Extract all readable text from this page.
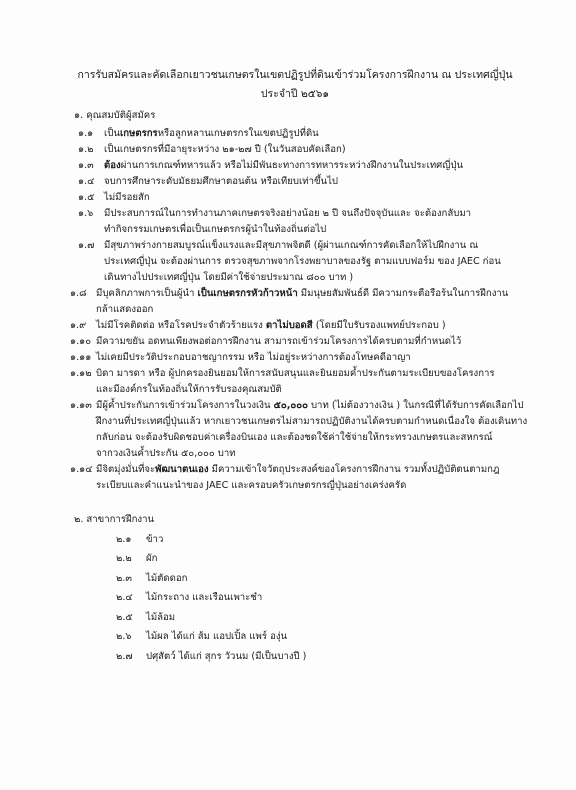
การรับสมัครและคัดเลือกเยาวชนเกษตรในเขตปฏิรูปที่ดินเข้าร่วมโครงการฝึกงาน ณ ประเทศญี่ปุ่น
ประจำปี ๒๕๖๑
๑. คุณสมบัติผู้สมัคร
๑.๑	เป็นเกษตรกรหรือลูกหลานเกษตรกรในเขตปฏิรูปที่ดิน
๑.๒	เป็นเกษตรกรที่มีอายุระหว่าง ๒๑-๒๗ ปี (ในวันสอบคัดเลือก)
๑.๓	ต้องผ่านการเกณฑ์ทหารแล้ว หรือไม่มีพันธะทางการทหารระหว่างฝึกงานในประเทศญี่ปุ่น
๑.๔ จบการศึกษาระดับมัธยมศึกษาตอนต้น หรือเทียบเท่าขึ้นไป
๑.๕ ไม่มีรอยสัก
๑.๖	มีประสบการณ์ในการทำงานภาคเกษตรจริงอย่างน้อย ๒ ปี จนถึงปัจจุบันและ จะต้องกลับมา
ทำกิจกรรมเกษตรเพื่อเป็นเกษตรกรผู้นำในท้องถิ่นต่อไป
๑.๗	มีสุขภาพร่างกายสมบูรณ์แข็งแรงและมีสุขภาพจิตดี (ผู้ผ่านเกณฑ์การคัดเลือกให้ไปฝึกงาน ณ
ประเทศญี่ปุ่น จะต้องผ่านการ ตรวจสุขภาพจากโรงพยาบาลของรัฐ ตามแบบฟอร์ม ของ JAEC ก่อน
เดินทางไปประเทศญี่ปุ่น โดยมีค่าใช้จ่ายประมาณ ๘๐๐ บาท )
๑.๘ มีบุคลิกภาพการเป็นผู้นำ เป็นเกษตรกรหัวก้าวหน้า มีมนุษยสัมพันธ์ดี มีความกระตือรือร้นในการฝึกงาน
กล้าแสดงออก
๑.๙	ไม่มีโรคติดต่อ หรือโรคประจำตัวร้ายแรง ตาไม่บอดสี (โดยมีใบรับรองแพทย์ประกอบ )
๑.๑๐ มีความขยัน อดทนเพียงพอต่อการฝึกงาน สามารถเข้าร่วมโครงการได้ครบตามที่กำหนดไว้
๑.๑๑ ไม่เคยมีประวัติประกอบอาชญากรรม หรือ ไม่อยู่ระหว่างการต้องโทษคดีอาญา
๑.๑๒ บิดา มารดา หรือ ผู้ปกครองยินยอมให้การสนับสนุนและยินยอมค้ำประกันตามระเบียบของโครงการ
และมีองค์กรในท้องถิ่นให้การรับรองคุณสมบัติ
๑.๑๓ มีผู้ค้ำประกันการเข้าร่วมโครงการในวงเงิน ๕๐,๐๐๐ บาท (ไม่ต้องวางเงิน ) ในกรณีที่ได้รับการคัดเลือกไป
ฝึกงานที่ประเทศญี่ปุ่นแล้ว หากเยาวชนเกษตรไม่สามารถปฏิบัติงานได้ครบตามกำหนดเนื่องใจ ต้องเดินทาง
กลับก่อน จะต้องรับผิดชอบค่าเครื่องบินเอง และต้องชดใช้ค่าใช้จ่ายให้กระทรวงเกษตรและสหกรณ์
จากวงเงินค้ำประกัน ๕๐,๐๐๐ บาท
๑.๑๔ มีจิตมุ่งมั่นที่จะพัฒนาตนเอง มีความเข้าใจวัตถุประสงค์ของโครงการฝึกงาน รวมทั้งปฏิบัติตนตามกฎ
ระเบียบและคำแนะนำของ JAEC และครอบครัวเกษตรกรญี่ปุ่นอย่างเคร่งครัด
๒. สาขาการฝึกงาน
๒.๑	ข้าว
๒.๒	ผัก
๒.๓	ไม้ตัดดอก
๒.๔	ไม้กระถาง และเรือนเพาะชำ
๒.๕	ไม้ล้อม
๒.๖	ไม้ผล ได้แก่ ส้ม แอปเปิ้ล แพร์ องุ่น
๒.๗	ปศุสัตว์ ได้แก่ สุกร วัวนม (มีเป็นบางปี )
